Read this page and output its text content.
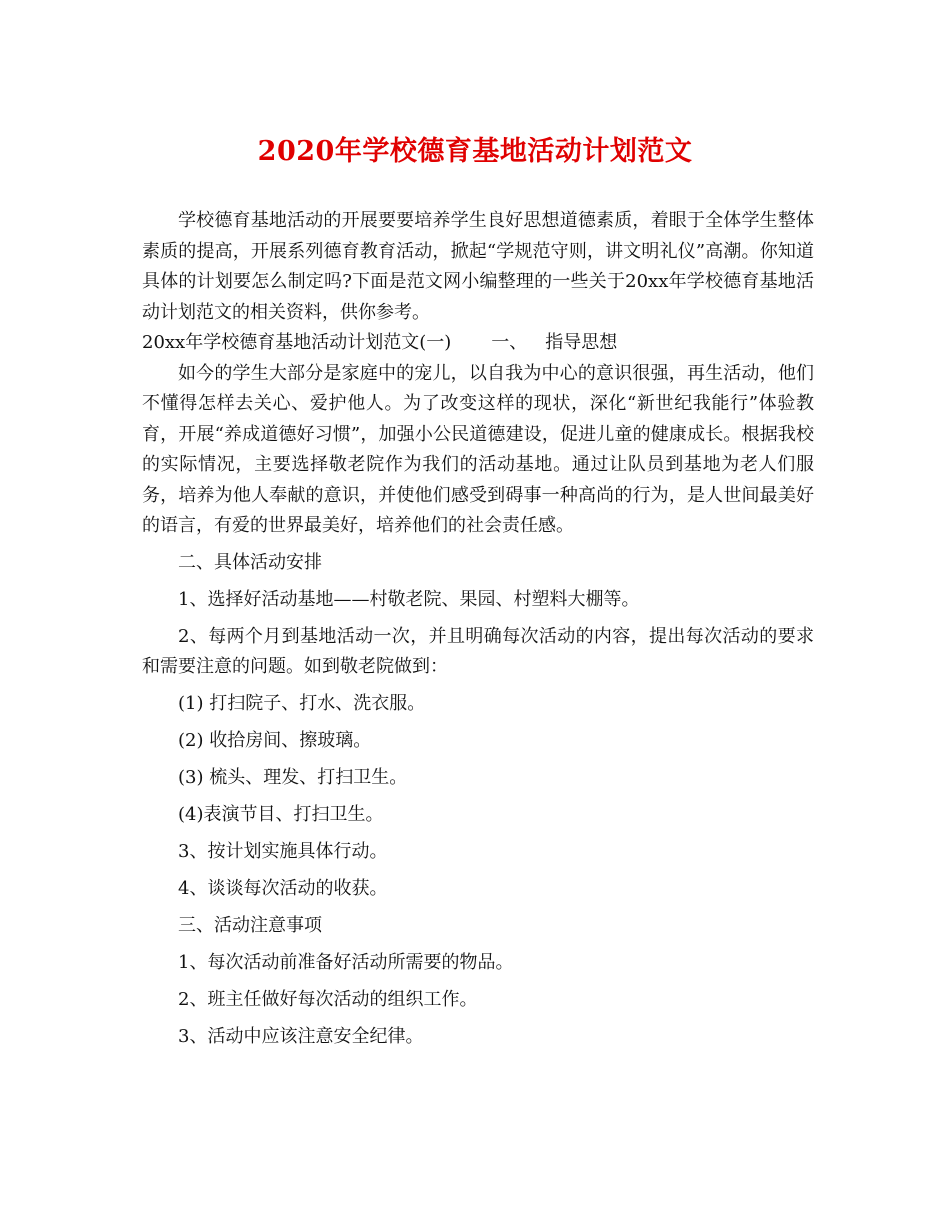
2020年学校德育基地活动计划范文

学校德育基地活动的开展要要培养学生良好思想道德素质，着眼于全体学生整体素质的提高，开展系列德育教育活动，掀起“学规范守则，讲文明礼仪”高潮。你知道具体的计划要怎么制定吗?下面是范文网小编整理的一些关于20xx年学校德育基地活动计划范文的相关资料，供你参考。

20xx年学校德育基地活动计划范文(一) 一、 指导思想

如今的学生大部分是家庭中的宠儿，以自我为中心的意识很强，再生活动，他们不懂得怎样去关心、爱护他人。为了改变这样的现状，深化“新世纪我能行”体验教育，开展“养成道德好习惯”，加强小公民道德建设，促进儿童的健康成长。根据我校的实际情况，主要选择敬老院作为我们的活动基地。通过让队员到基地为老人们服务，培养为他人奉献的意识，并使他们感受到碍事一种高尚的行为，是人世间最美好的语言，有爱的世界最美好，培养他们的社会责任感。

二、具体活动安排

1、选择好活动基地——村敬老院、果园、村塑料大棚等。

2、每两个月到基地活动一次，并且明确每次活动的内容，提出每次活动的要求和需要注意的问题。如到敬老院做到：

(1) 打扫院子、打水、洗衣服。

(2) 收拾房间、擦玻璃。

(3) 梳头、理发、打扫卫生。

(4)表演节目、打扫卫生。

3、按计划实施具体行动。

4、谈谈每次活动的收获。

三、活动注意事项

1、每次活动前准备好活动所需要的物品。

2、班主任做好每次活动的组织工作。

3、活动中应该注意安全纪律。
